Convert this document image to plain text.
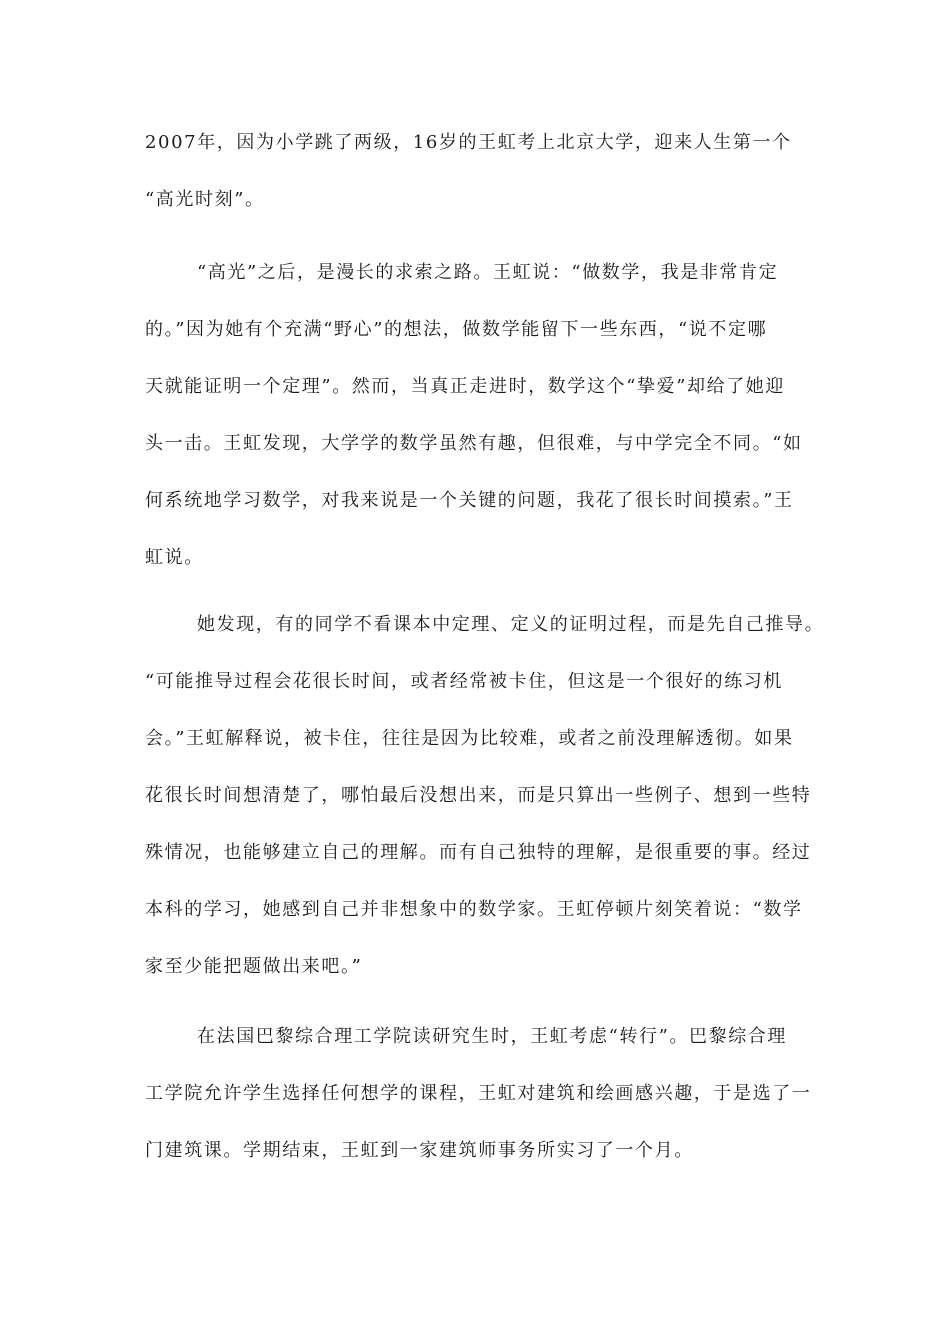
2007年，因为小学跳了两级，16岁的王虹考上北京大学，迎来人生第一个

“高光时刻”。

“高光”之后，是漫长的求索之路。王虹说：“做数学，我是非常肯定

的。”因为她有个充满“野心”的想法，做数学能留下一些东西，“说不定哪

天就能证明一个定理”。然而，当真正走进时，数学这个“挚爱”却给了她迎

头一击。王虹发现，大学学的数学虽然有趣，但很难，与中学完全不同。“如

何系统地学习数学，对我来说是一个关键的问题，我花了很长时间摸索。”王

虹说。

她发现，有的同学不看课本中定理、定义的证明过程，而是先自己推导。

“可能推导过程会花很长时间，或者经常被卡住，但这是一个很好的练习机

会。”王虹解释说，被卡住，往往是因为比较难，或者之前没理解透彻。如果

花很长时间想清楚了，哪怕最后没想出来，而是只算出一些例子、想到一些特

殊情况，也能够建立自己的理解。而有自己独特的理解，是很重要的事。经过

本科的学习，她感到自己并非想象中的数学家。王虹停顿片刻笑着说：“数学

家至少能把题做出来吧。”

在法国巴黎综合理工学院读研究生时，王虹考虑“转行”。巴黎综合理

工学院允许学生选择任何想学的课程，王虹对建筑和绘画感兴趣，于是选了一

门建筑课。学期结束，王虹到一家建筑师事务所实习了一个月。
